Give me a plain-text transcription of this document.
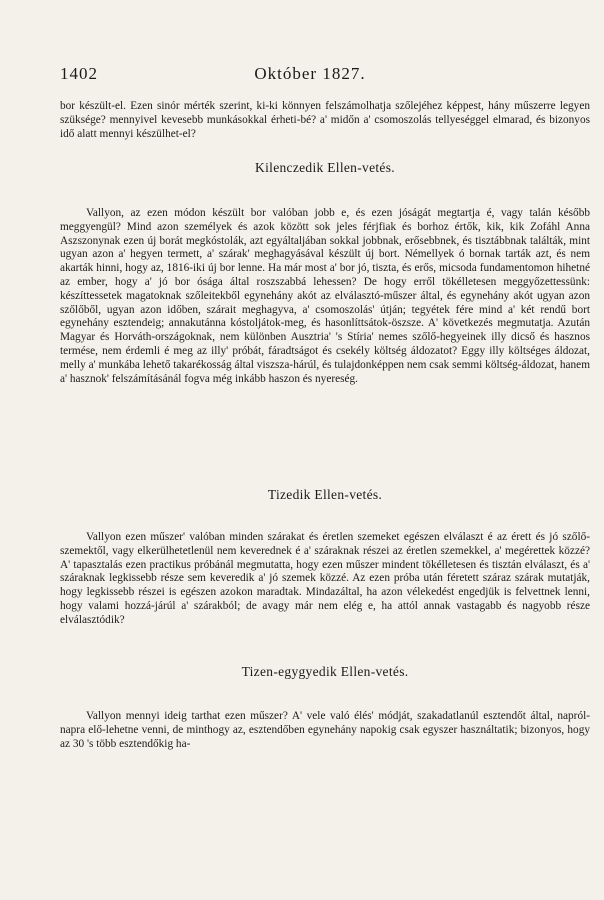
1402	Október 1827.

bor készült-el. Ezen sinór mérték szerint, ki-ki könnyen felszámolhatja szőlejéhez képpest, hány műszerre legyen szüksége? mennyivel kevesebb munkásokkal érheti-bé? a' midőn a' csomoszolás tellyeséggel elmarad, és bizonyos idő alatt mennyi készülhet-el?

Kilenczedik Ellen-vetés.

Vallyon, az ezen módon készült bor valóban jobb e, és ezen jóságát megtartja é, vagy talán később meggyengül? Mind azon személyek és azok között sok jeles férjfiak és borhoz értők, kik, kik Zofáhl Anna Aszszonynak ezen új borát megkóstolák, azt egyáltaljában sokkal jobbnak, erősebbnek, és tisztábbnak találták, mint ugyan azon a' hegyen termett, a' szárak' meghagyásával készült új bort. Némellyek ó bornak tarták azt, és nem akarták hinni, hogy az, 1816-iki új bor lenne. Ha már most a' bor jó, tiszta, és erős, micsoda fundamentomon hihetné az ember, hogy a' jó bor ósága által roszszabbá lehessen? De hogy erről tökélletesen meggyőzettessünk: készíttessetek magatoknak szőleitekből egynehány akót az elválasztó-műszer által, és egynehány akót ugyan azon szőlőből, ugyan azon időben, szárait meghagyva, a' csomoszolás' útján; tegyétek fére mind a' két rendű bort egynehány esztendeig; annakutánna kóstoljátok-meg, és hasonlíttsátok-öszsze. A' következés megmutatja. Azután Magyar és Horváth-országoknak, nem különben Ausztria' 's Stíria' nemes szőlő-hegyeinek illy dicső és hasznos termése, nem érdemli é meg az illy' próbát, fáradtságot és csekély költség áldozatot? Eggy illy költséges áldozat, melly a' munkába lehető takarékosság által viszsza-hárúl, és tulajdonképpen nem csak semmi költség-áldozat, hanem a' hasznok' felszámításánál fogva még inkább haszon és nyereség.

Tizedik Ellen-vetés.

Vallyon ezen műszer' valóban minden szárakat és éretlen szemeket egészen elválaszt é az érett és jó szőlő-szemektől, vagy elkerülhetetlenül nem keverednek é a' száraknak részei az éretlen szemekkel, a' megérettek közzé? A' tapasztalás ezen practikus próbánál megmutatta, hogy ezen műszer mindent tökélletesen és tisztán elválaszt, és a' száraknak legkissebb része sem keveredik a' jó szemek közzé. Az ezen próba után féretett száraz szárak mutatják, hogy legkissebb részei is egészen azokon maradtak. Mindazáltal, ha azon vélekedést engedjük is felvettnek lenni, hogy valami hozzá-járúl a' szárakból; de avagy már nem elég e, ha attól annak vastagabb és nagyobb része elválasztódik?

Tizen-egygyedik Ellen-vetés.

Vallyon mennyi ideig tarthat ezen műszer? A' vele való élés' módját, szakadatlanúl esztendőt által, napról-napra elő-lehetne venni, de minthogy az, esztendőben egynehány napokig csak egyszer használtatik; bizonyos, hogy az 30 's több esztendőkig ha-
